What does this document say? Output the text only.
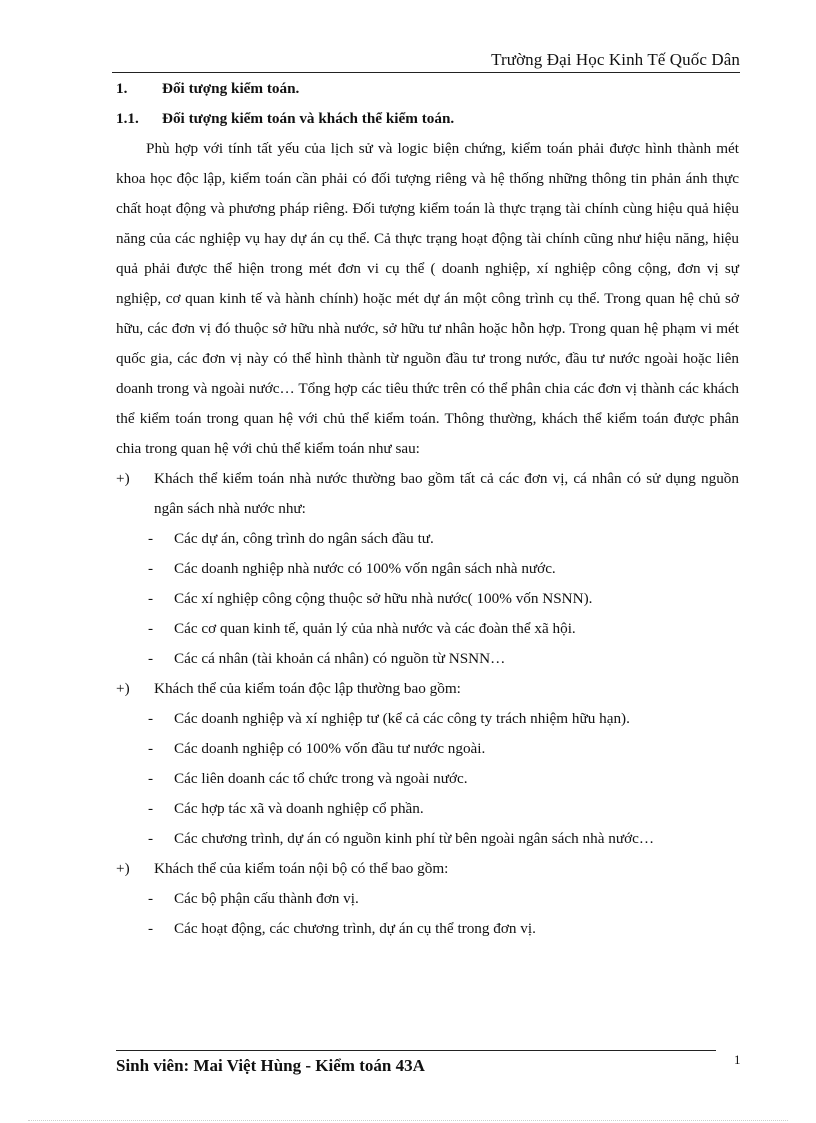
Trường Đại Học Kinh Tế Quốc Dân
1.	Đối tượng kiểm toán.
1.1.	Đối tượng kiểm toán và khách thể kiểm toán.

Phù hợp với tính tất yếu của lịch sử và logic biện chứng, kiểm toán phải được hình thành mét khoa học độc lập, kiểm toán cần phải có đối tượng riêng và hệ thống những thông tin phản ánh thực chất hoạt động và phương pháp riêng. Đối tượng kiểm toán là thực trạng tài chính cùng hiệu quả hiệu năng của các nghiệp vụ hay dự án cụ thể. Cả thực trạng hoạt động tài chính cũng như hiệu năng, hiệu quả phải được thể hiện trong mét đơn vi cụ thể ( doanh nghiệp, xí nghiệp công cộng, đơn vị sự nghiệp, cơ quan kinh tế và hành chính) hoặc mét dự án một công trình cụ thể. Trong quan hệ chủ sở hữu, các đơn vị đó thuộc sở hữu nhà nước, sở hữu tư nhân hoặc hỗn hợp. Trong quan hệ phạm vi mét quốc gia, các đơn vị này có thể hình thành từ nguồn đầu tư trong nước, đầu tư nước ngoài hoặc liên doanh trong và ngoài nước… Tổng hợp các tiêu thức trên có thể phân chia các đơn vị thành các khách thể kiểm toán trong quan hệ với chủ thể kiểm toán. Thông thường, khách thể kiểm toán được phân chia trong quan hệ với chủ thể kiểm toán như sau:

+)	Khách thể kiểm toán nhà nước thường bao gồm tất cả các đơn vị, cá nhân có sử dụng nguồn ngân sách nhà nước như:
-	Các dự án, công trình do ngân sách đầu tư.
-	Các doanh nghiệp nhà nước có 100% vốn ngân sách nhà nước.
-	Các xí nghiệp công cộng thuộc sở hữu nhà nước( 100% vốn NSNN).
-	Các cơ quan kinh tế, quản lý của nhà nước và các đoàn thể xã hội.
-	Các cá nhân (tài khoản cá nhân) có nguồn từ NSNN…
+)	Khách thể của kiểm toán độc lập thường bao gồm:
-	Các doanh nghiệp và xí nghiệp tư (kể cả các công ty trách nhiệm hữu hạn).
-	Các doanh nghiệp có 100% vốn đầu tư nước ngoài.
-	Các liên doanh các tổ chức trong và ngoài nước.
-	Các hợp tác xã và doanh nghiệp cổ phần.
-	Các chương trình, dự án có nguồn kinh phí từ bên ngoài ngân sách nhà nước…
+)	Khách thể của kiểm toán nội bộ có thể bao gồm:
-	Các bộ phận cấu thành đơn vị.
-	Các hoạt động, các chương trình, dự án cụ thể trong đơn vị.
Sinh viên: Mai Việt Hùng - Kiểm toán 43A	1
